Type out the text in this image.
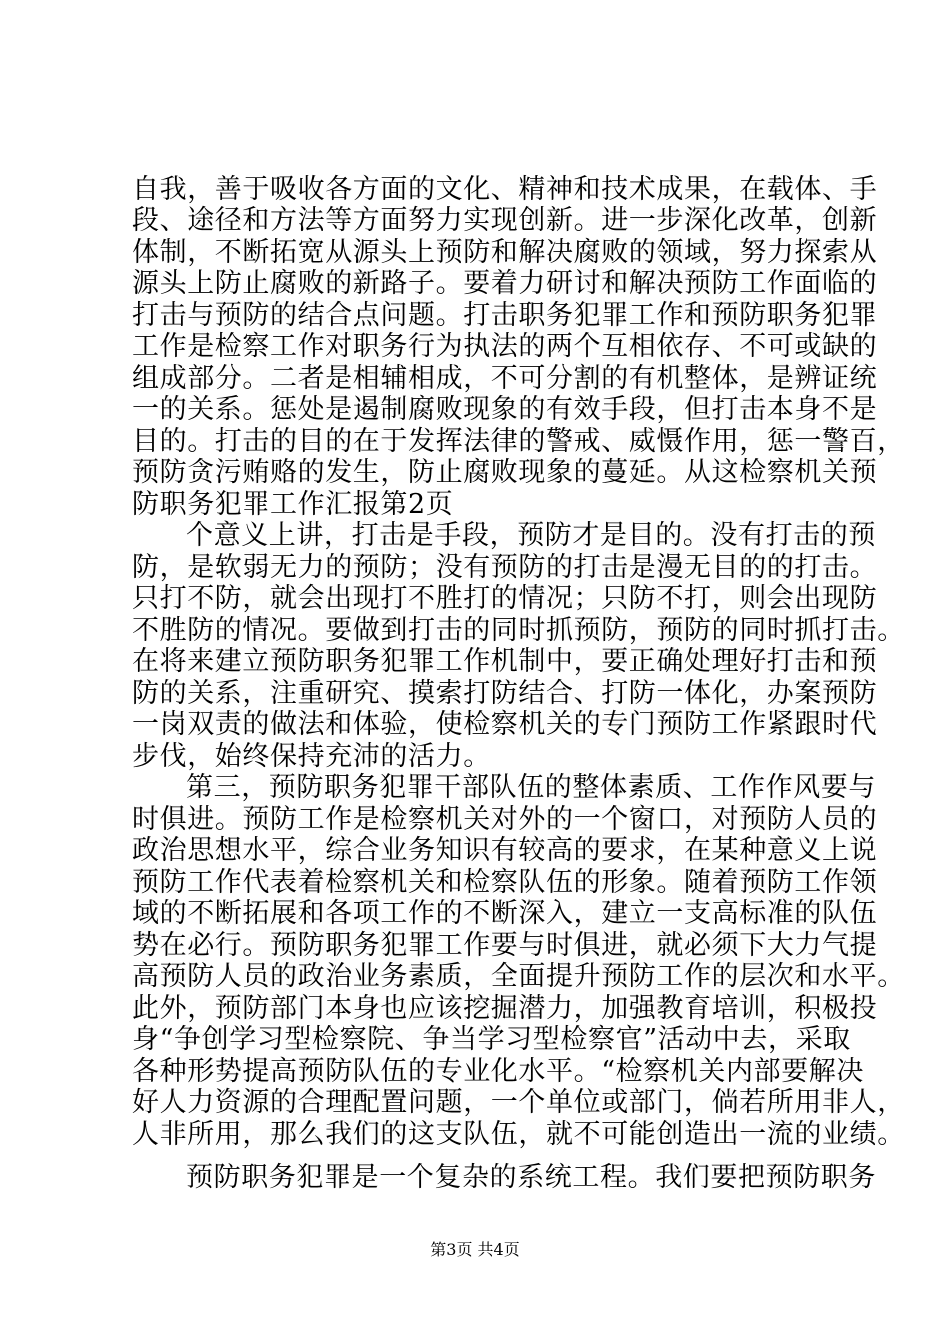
自我，善于吸收各方面的文化、精神和技术成果，在载体、手
段、途径和方法等方面努力实现创新。进一步深化改革，创新
体制，不断拓宽从源头上预防和解决腐败的领域，努力探索从
源头上防止腐败的新路子。要着力研讨和解决预防工作面临的
打击与预防的结合点问题。打击职务犯罪工作和预防职务犯罪
工作是检察工作对职务行为执法的两个互相依存、不可或缺的
组成部分。二者是相辅相成，不可分割的有机整体，是辨证统
一的关系。惩处是遏制腐败现象的有效手段，但打击本身不是
目的。打击的目的在于发挥法律的警戒、威慑作用，惩一警百，
预防贪污贿赂的发生，防止腐败现象的蔓延。从这检察机关预
防职务犯罪工作汇报第2页
个意义上讲，打击是手段，预防才是目的。没有打击的预
防，是软弱无力的预防；没有预防的打击是漫无目的的打击。
只打不防，就会出现打不胜打的情况；只防不打，则会出现防
不胜防的情况。要做到打击的同时抓预防，预防的同时抓打击。
在将来建立预防职务犯罪工作机制中，要正确处理好打击和预
防的关系，注重研究、摸索打防结合、打防一体化，办案预防
一岗双责的做法和体验，使检察机关的专门预防工作紧跟时代
步伐，始终保持充沛的活力。
第三，预防职务犯罪干部队伍的整体素质、工作作风要与
时俱进。预防工作是检察机关对外的一个窗口，对预防人员的
政治思想水平，综合业务知识有较高的要求，在某种意义上说
预防工作代表着检察机关和检察队伍的形象。随着预防工作领
域的不断拓展和各项工作的不断深入，建立一支高标准的队伍
势在必行。预防职务犯罪工作要与时俱进，就必须下大力气提
高预防人员的政治业务素质，全面提升预防工作的层次和水平。
此外，预防部门本身也应该挖掘潜力，加强教育培训，积极投
身“争创学习型检察院、争当学习型检察官”活动中去，采取
各种形势提高预防队伍的专业化水平。“检察机关内部要解决
好人力资源的合理配置问题，一个单位或部门，倘若所用非人，
人非所用，那么我们的这支队伍，就不可能创造出一流的业绩。
预防职务犯罪是一个复杂的系统工程。我们要把预防职务
第3页 共4页
